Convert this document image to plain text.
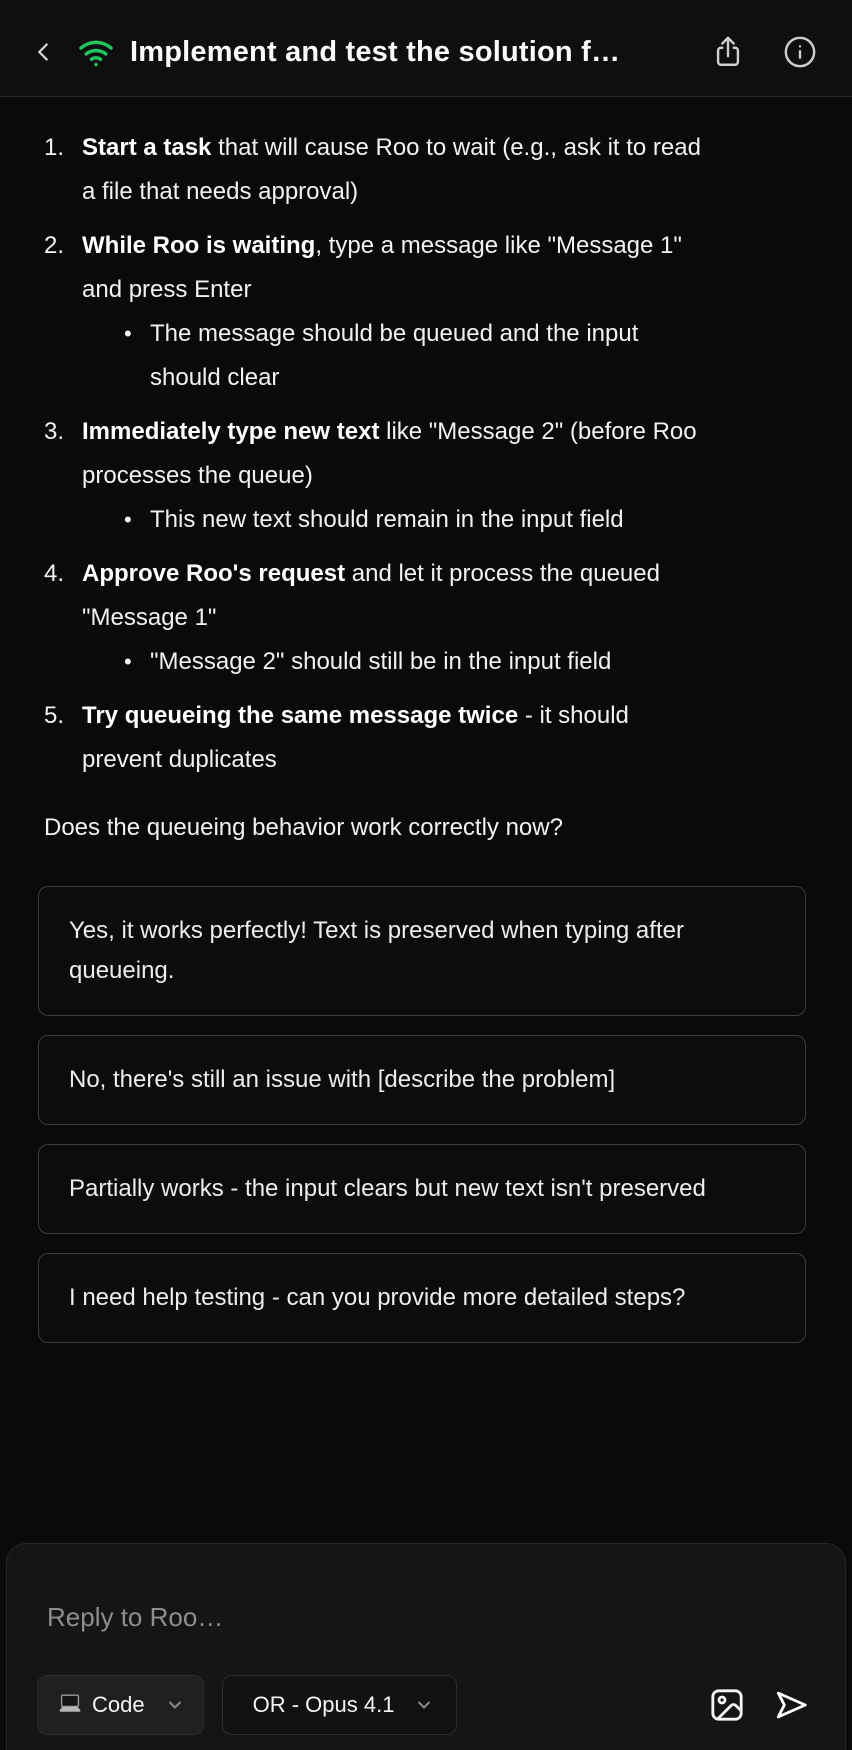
Implement and test the solution f…
1. Start a task that will cause Roo to wait (e.g., ask it to read a file that needs approval)
2. While Roo is waiting, type a message like "Message 1" and press Enter
• The message should be queued and the input should clear
3. Immediately type new text like "Message 2" (before Roo processes the queue)
• This new text should remain in the input field
4. Approve Roo's request and let it process the queued "Message 1"
• "Message 2" should still be in the input field
5. Try queueing the same message twice - it should prevent duplicates
Does the queueing behavior work correctly now?
Yes, it works perfectly! Text is preserved when typing after queueing.
No, there's still an issue with [describe the problem]
Partially works - the input clears but new text isn't preserved
I need help testing - can you provide more detailed steps?
Reply to Roo…
Code	OR - Opus 4.1
